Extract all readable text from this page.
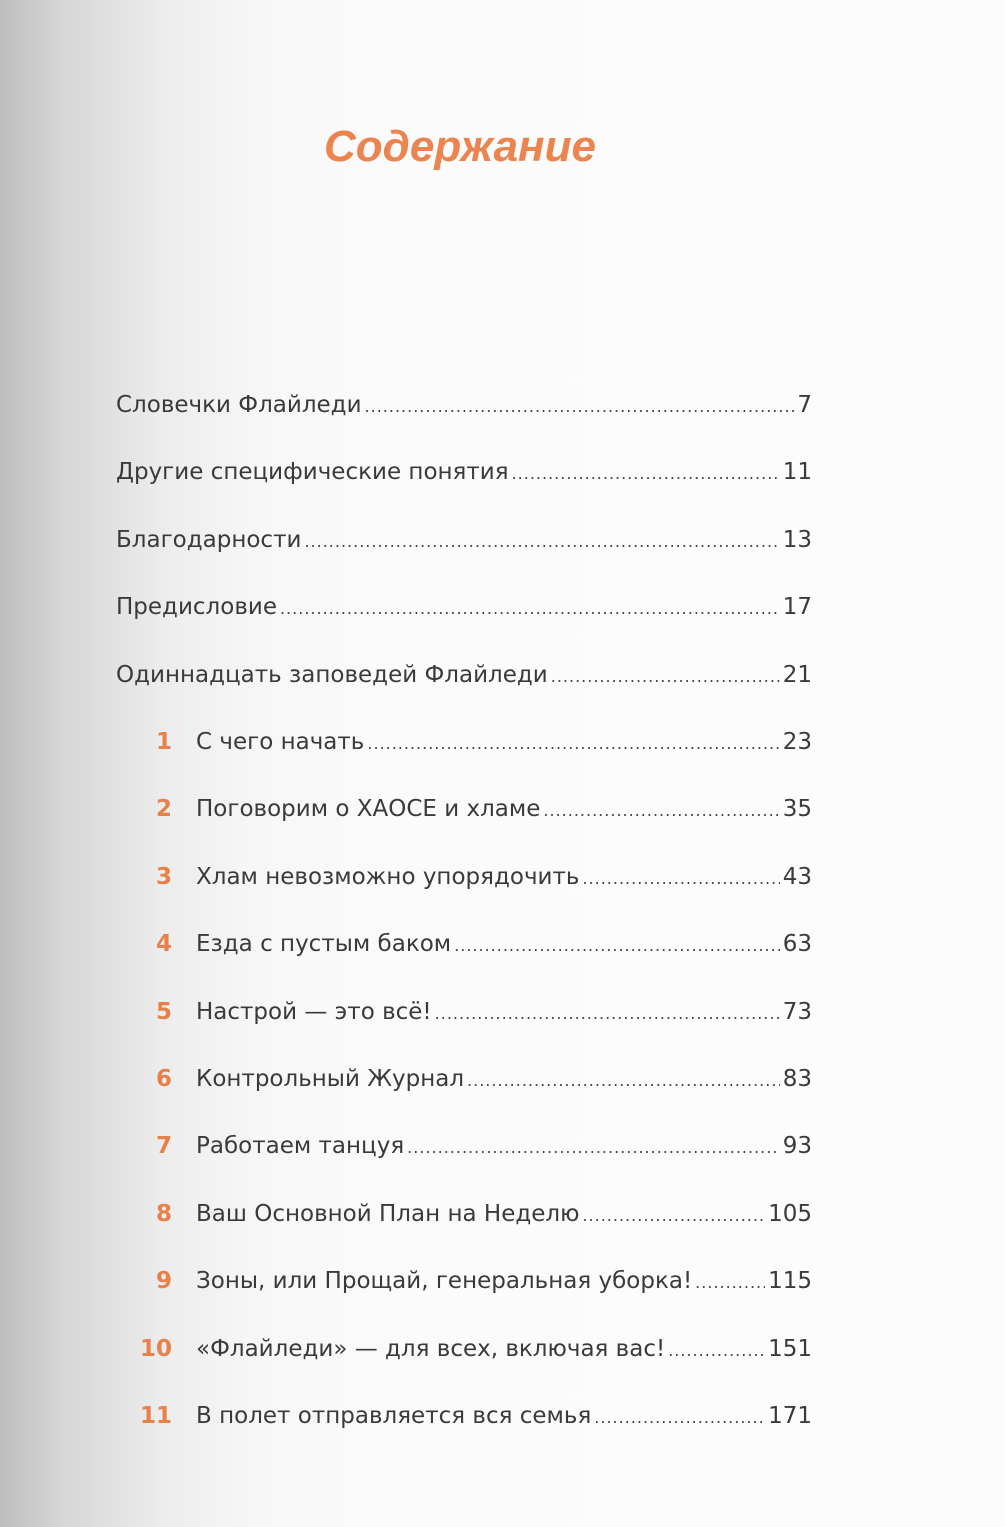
Содержание
Словечки Флайледи .....	7
Другие специфические понятия .....	11
Благодарности .....	13
Предисловие .....	17
Одиннадцать заповедей Флайледи .....	21
1 С чего начать .....	23
2 Поговорим о ХАОСЕ и хламе .....	35
3 Хлам невозможно упорядочить .....	43
4 Езда с пустым баком .....	63
5 Настрой — это всё! .....	73
6 Контрольный Журнал .....	83
7 Работаем танцуя .....	93
8 Ваш Основной План на Неделю .....	105
9 Зоны, или Прощай, генеральная уборка! .....	115
10 «Флайледи» — для всех, включая вас! .....	151
11 В полет отправляется вся семья .....	171
